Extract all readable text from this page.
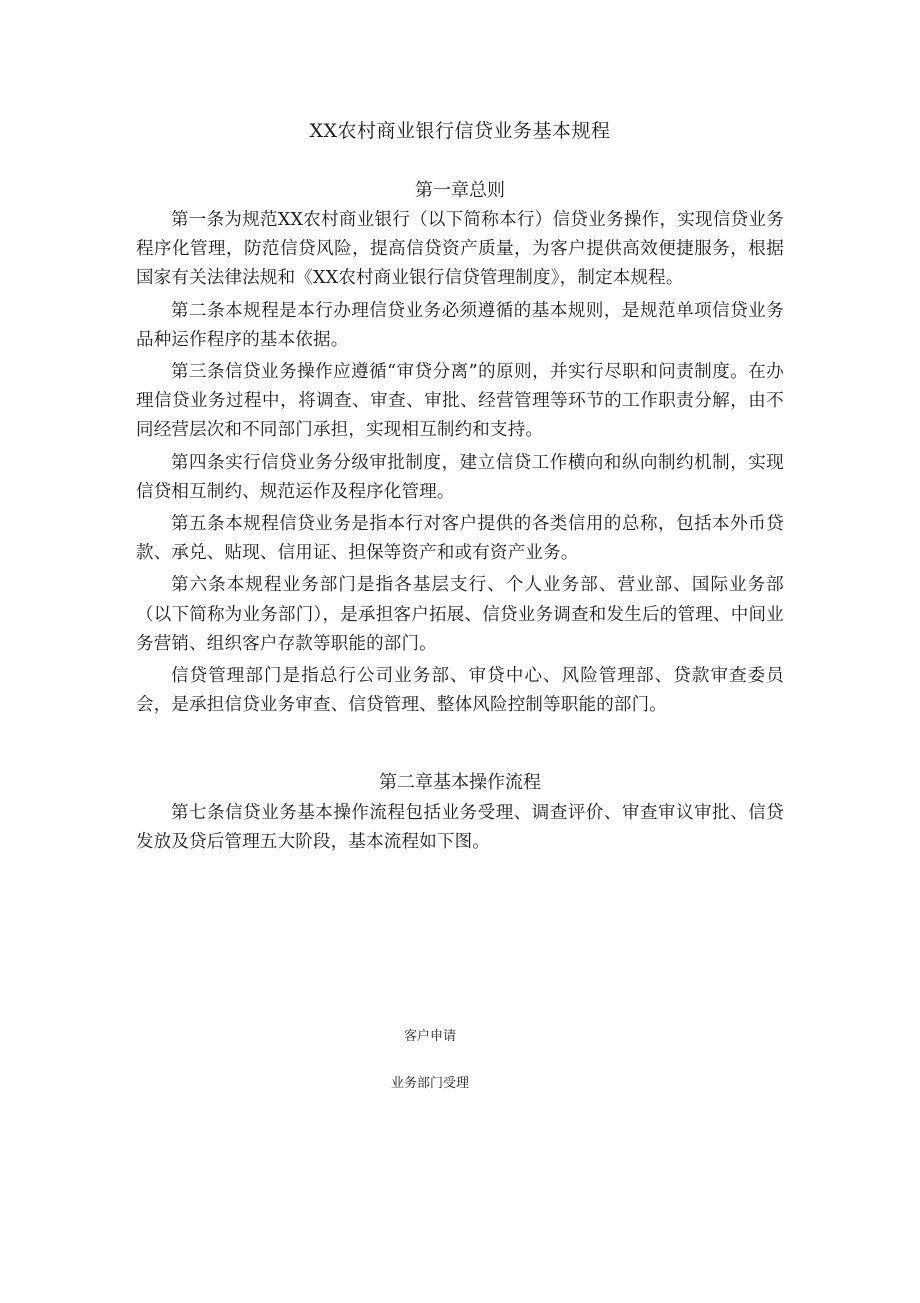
XX农村商业银行信贷业务基本规程
第一章总则

第一条为规范XX农村商业银行（以下简称本行）信贷业务操作，实现信贷业务程序化管理，防范信贷风险，提高信贷资产质量，为客户提供高效便捷服务，根据国家有关法律法规和《XX农村商业银行信贷管理制度》，制定本规程。

第二条本规程是本行办理信贷业务必须遵循的基本规则，是规范单项信贷业务品种运作程序的基本依据。

第三条信贷业务操作应遵循“审贷分离”的原则，并实行尽职和问责制度。在办理信贷业务过程中，将调查、审查、审批、经营管理等环节的工作职责分解，由不同经营层次和不同部门承担，实现相互制约和支持。

第四条实行信贷业务分级审批制度，建立信贷工作横向和纵向制约机制，实现信贷相互制约、规范运作及程序化管理。

第五条本规程信贷业务是指本行对客户提供的各类信用的总称，包括本外币贷款、承兑、贴现、信用证、担保等资产和或有资产业务。

第六条本规程业务部门是指各基层支行、个人业务部、营业部、国际业务部（以下简称为业务部门），是承担客户拓展、信贷业务调查和发生后的管理、中间业务营销、组织客户存款等职能的部门。

信贷管理部门是指总行公司业务部、审贷中心、风险管理部、贷款审查委员会，是承担信贷业务审查、信贷管理、整体风险控制等职能的部门。

第二章基本操作流程

第七条信贷业务基本操作流程包括业务受理、调查评价、审查审议审批、信贷发放及贷后管理五大阶段，基本流程如下图。

客户申请

业务部门受理
